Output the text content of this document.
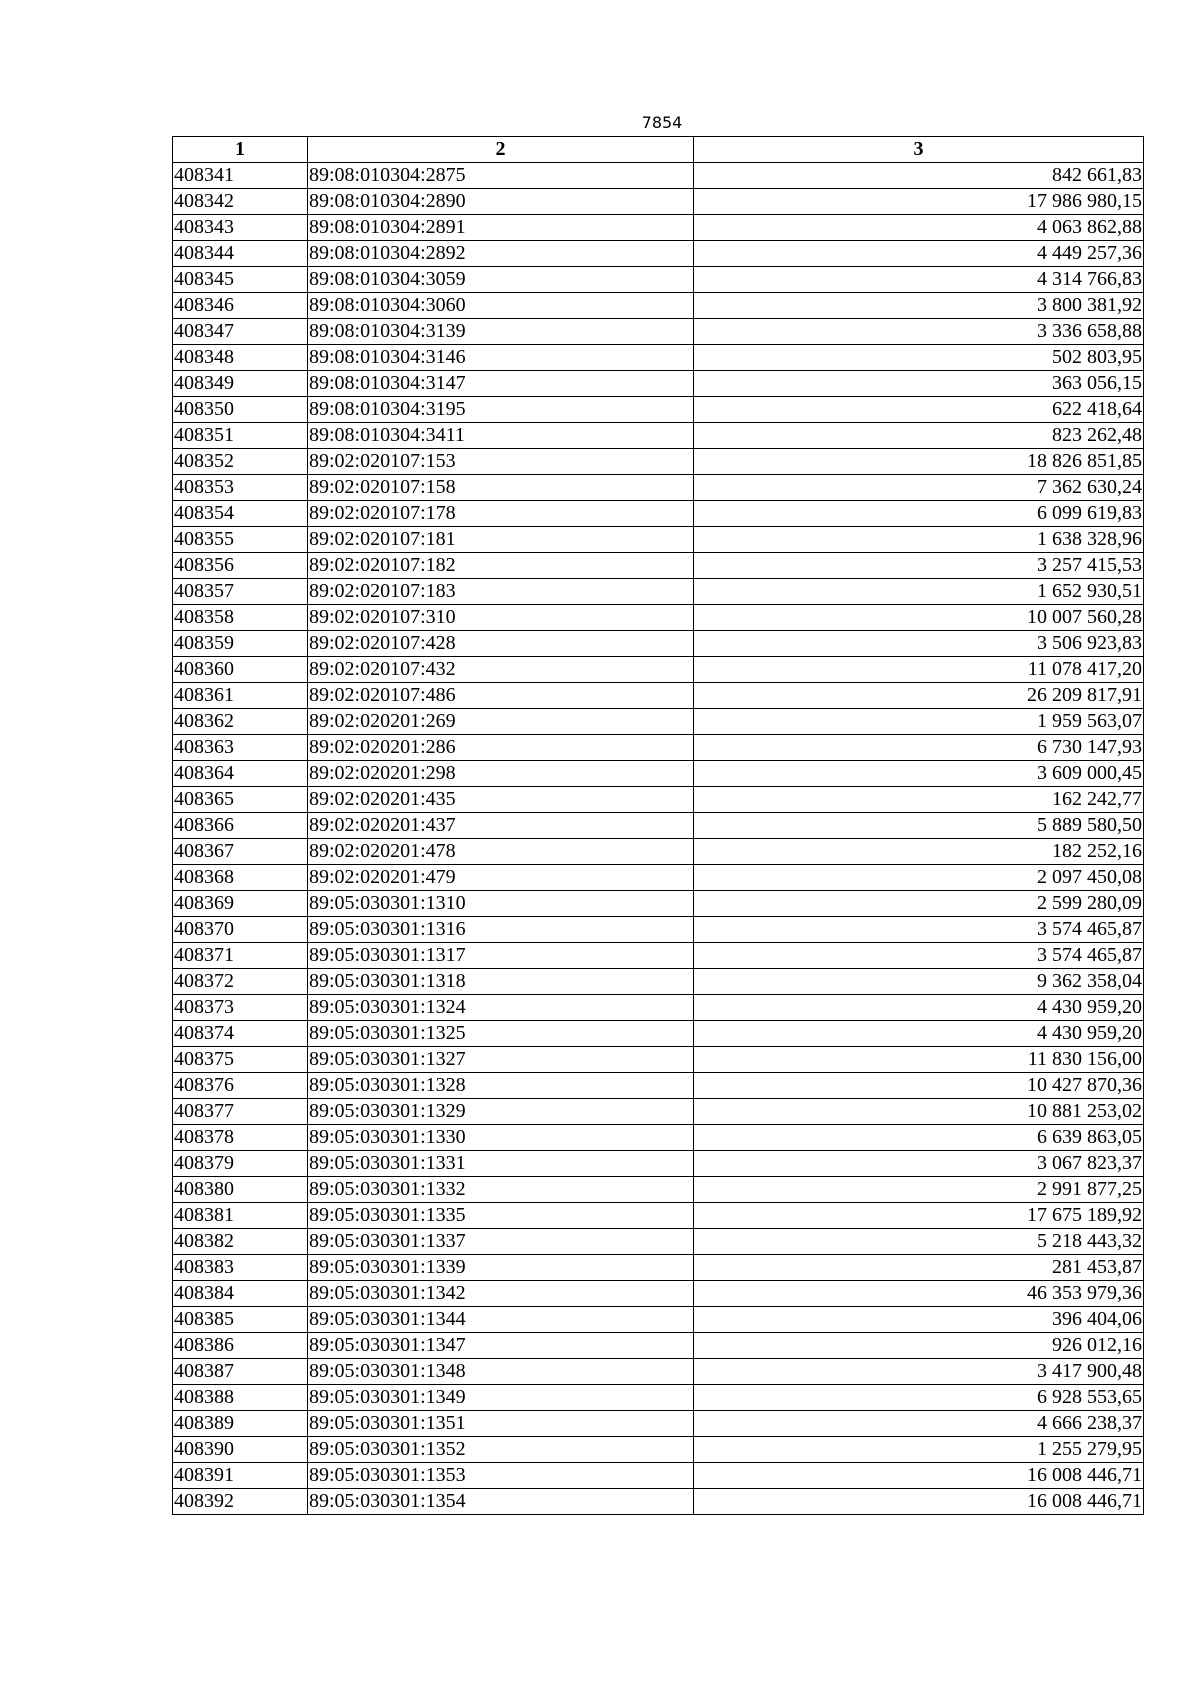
7854
1	2	3
408341	89:08:010304:2875	842 661,83
408342	89:08:010304:2890	17 986 980,15
408343	89:08:010304:2891	4 063 862,88
408344	89:08:010304:2892	4 449 257,36
408345	89:08:010304:3059	4 314 766,83
408346	89:08:010304:3060	3 800 381,92
408347	89:08:010304:3139	3 336 658,88
408348	89:08:010304:3146	502 803,95
408349	89:08:010304:3147	363 056,15
408350	89:08:010304:3195	622 418,64
408351	89:08:010304:3411	823 262,48
408352	89:02:020107:153	18 826 851,85
408353	89:02:020107:158	7 362 630,24
408354	89:02:020107:178	6 099 619,83
408355	89:02:020107:181	1 638 328,96
408356	89:02:020107:182	3 257 415,53
408357	89:02:020107:183	1 652 930,51
408358	89:02:020107:310	10 007 560,28
408359	89:02:020107:428	3 506 923,83
408360	89:02:020107:432	11 078 417,20
408361	89:02:020107:486	26 209 817,91
408362	89:02:020201:269	1 959 563,07
408363	89:02:020201:286	6 730 147,93
408364	89:02:020201:298	3 609 000,45
408365	89:02:020201:435	162 242,77
408366	89:02:020201:437	5 889 580,50
408367	89:02:020201:478	182 252,16
408368	89:02:020201:479	2 097 450,08
408369	89:05:030301:1310	2 599 280,09
408370	89:05:030301:1316	3 574 465,87
408371	89:05:030301:1317	3 574 465,87
408372	89:05:030301:1318	9 362 358,04
408373	89:05:030301:1324	4 430 959,20
408374	89:05:030301:1325	4 430 959,20
408375	89:05:030301:1327	11 830 156,00
408376	89:05:030301:1328	10 427 870,36
408377	89:05:030301:1329	10 881 253,02
408378	89:05:030301:1330	6 639 863,05
408379	89:05:030301:1331	3 067 823,37
408380	89:05:030301:1332	2 991 877,25
408381	89:05:030301:1335	17 675 189,92
408382	89:05:030301:1337	5 218 443,32
408383	89:05:030301:1339	281 453,87
408384	89:05:030301:1342	46 353 979,36
408385	89:05:030301:1344	396 404,06
408386	89:05:030301:1347	926 012,16
408387	89:05:030301:1348	3 417 900,48
408388	89:05:030301:1349	6 928 553,65
408389	89:05:030301:1351	4 666 238,37
408390	89:05:030301:1352	1 255 279,95
408391	89:05:030301:1353	16 008 446,71
408392	89:05:030301:1354	16 008 446,71
